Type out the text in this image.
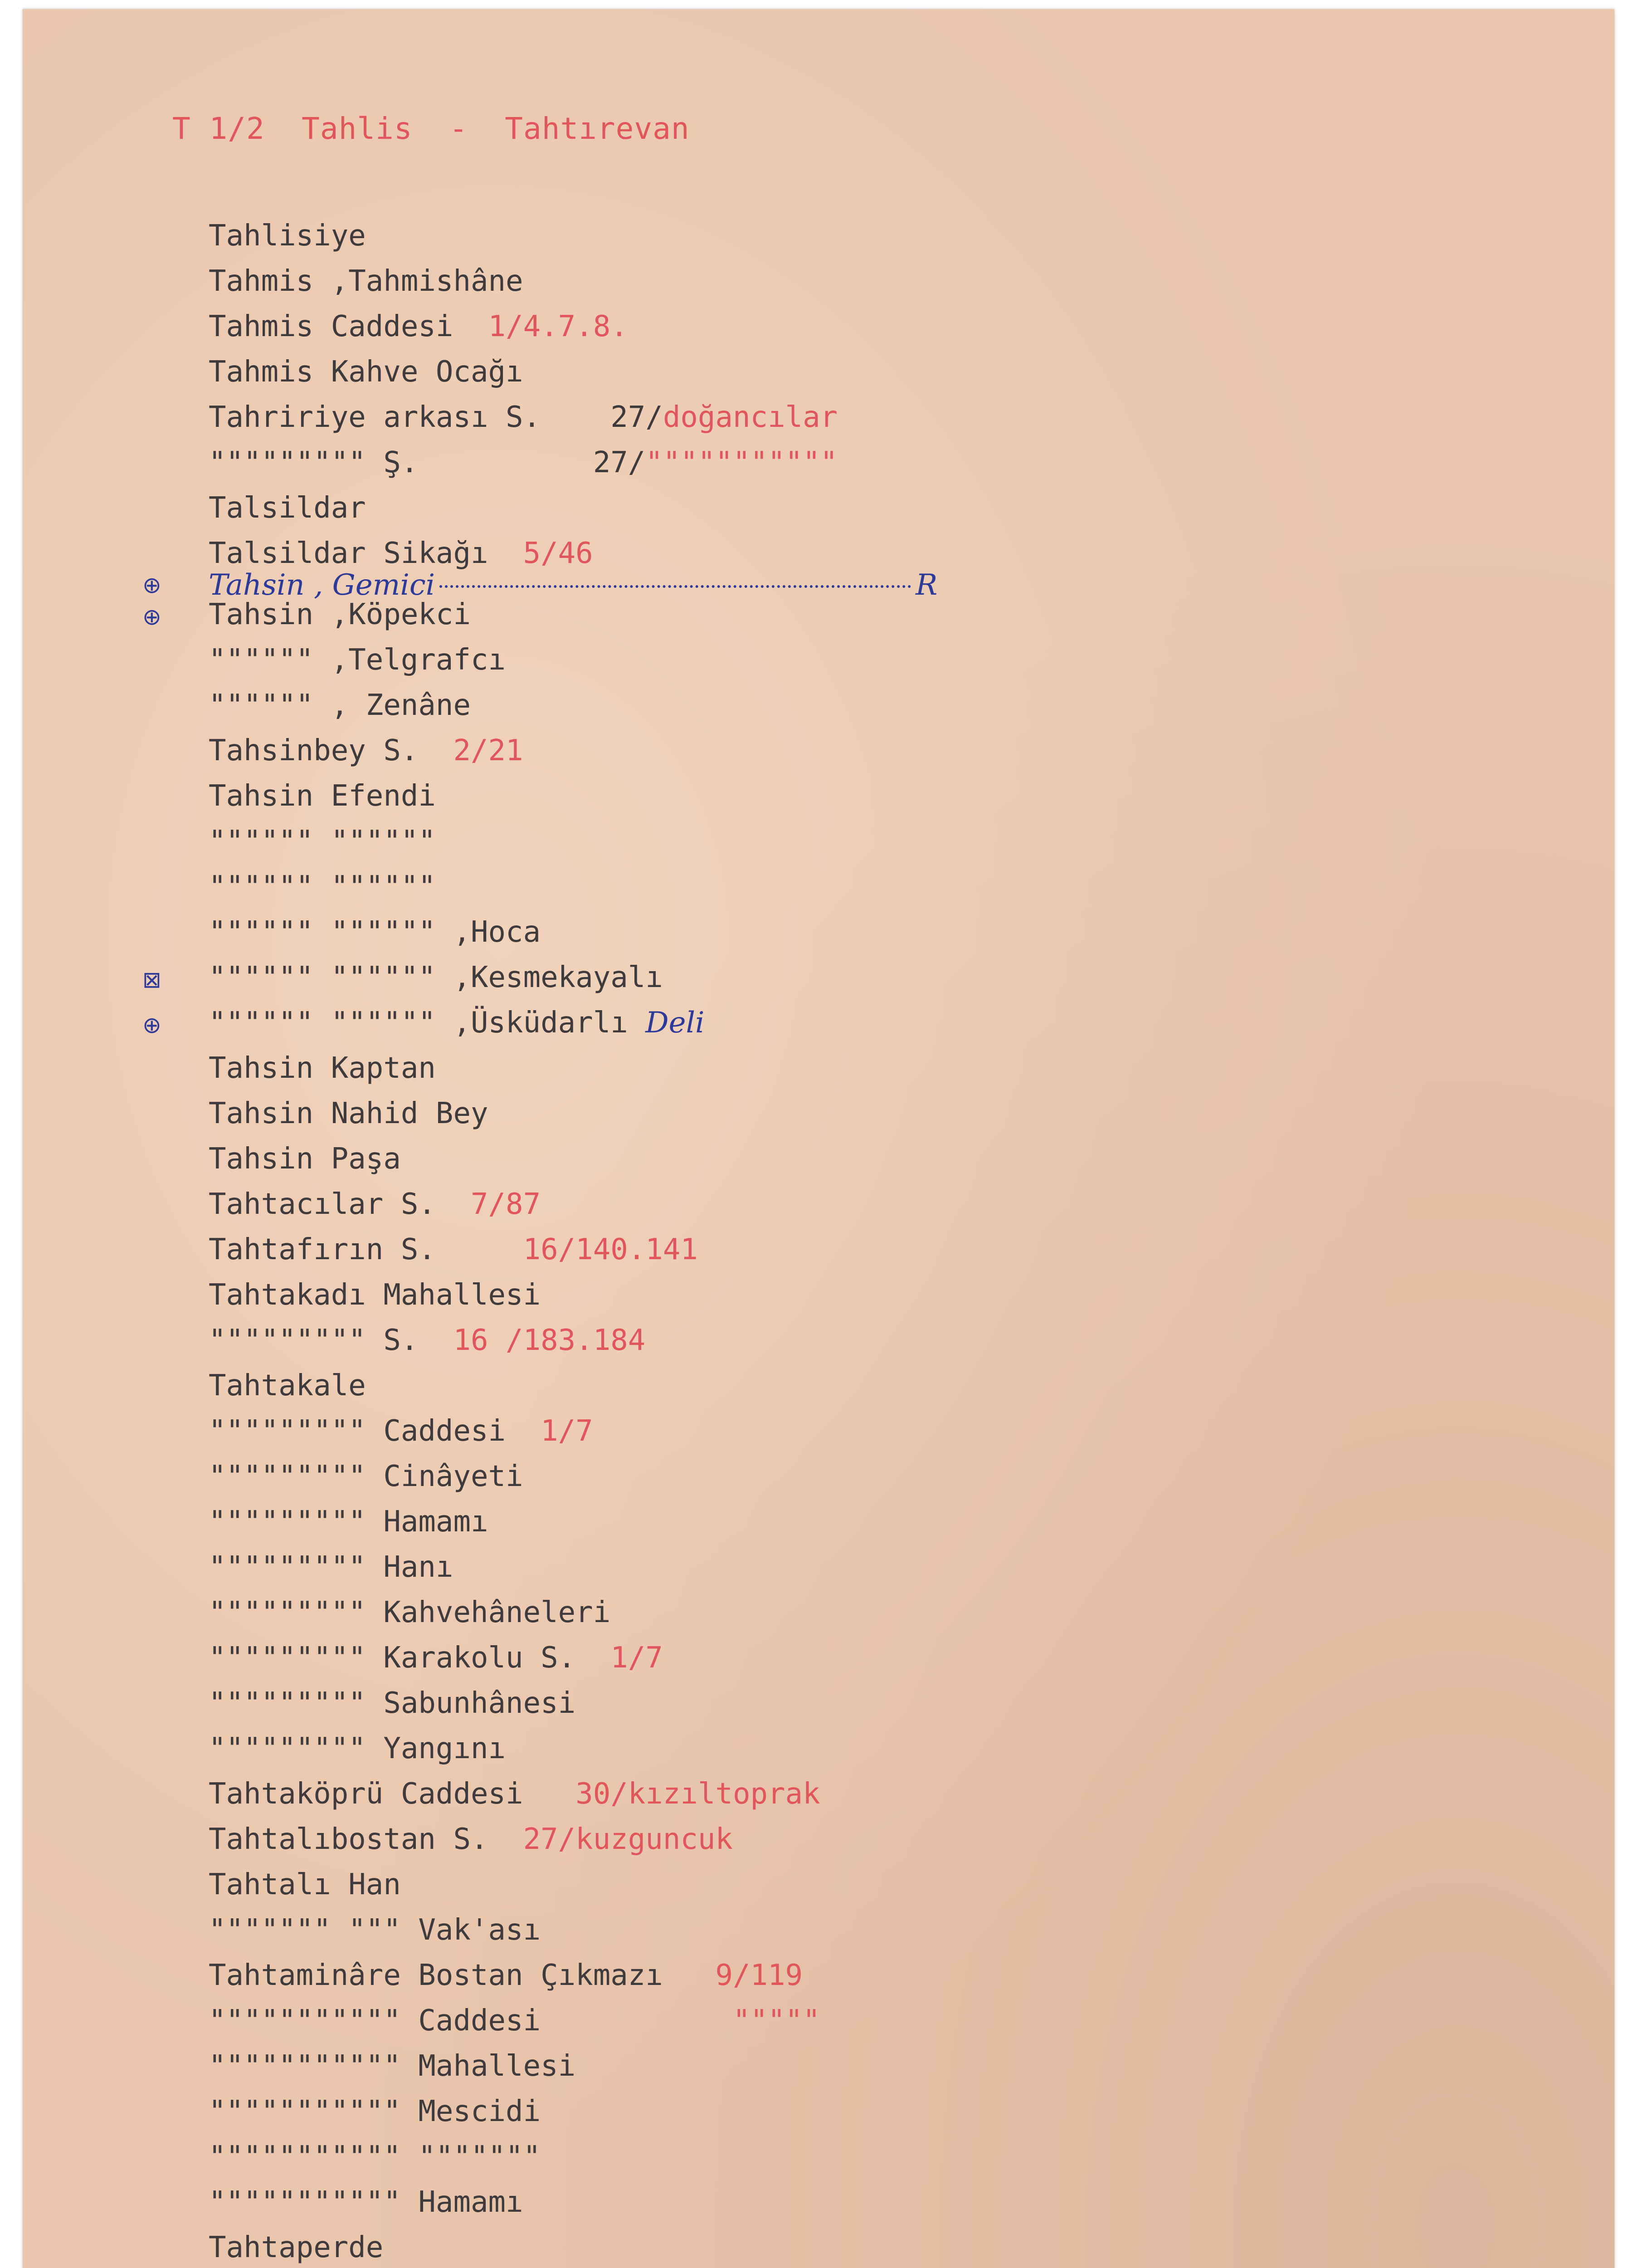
T 1/2  Tahlis  -  Tahtırevan
Tahlisiye
Tahmis ,Tahmishâne
Tahmis Caddesi  1/4.7.8.
Tahmis Kahve Ocağı
Tahririye arkası S.    27/doğancılar
""""""""" Ş.          27/"""""""""""
Talsildar
Talsildar Sikağı  5/46
Tahsin , Gemici	R
Tahsin ,Köpekci
"""""" ,Telgrafcı
"""""" , Zenâne
Tahsinbey S.  2/21
Tahsin Efendi
"""""" """"""
"""""" """"""
"""""" """""" ,Hoca
"""""" """""" ,Kesmekayalı
"""""" """""" ,Üsküdarlı Deli
Tahsin Kaptan
Tahsin Nahid Bey
Tahsin Paşa
Tahtacılar S.  7/87
Tahtafırın S.     16/140.141
Tahtakadı Mahallesi
""""""""" S.  16 /183.184
Tahtakale
""""""""" Caddesi  1/7
""""""""" Cinâyeti
""""""""" Hamamı
""""""""" Hanı
""""""""" Kahvehâneleri
""""""""" Karakolu S.  1/7
""""""""" Sabunhânesi
""""""""" Yangını
Tahtaköprü Caddesi   30/kızıltoprak
Tahtalıbostan S.  27/kuzguncuk
Tahtalı Han
""""""" """ Vak'ası
Tahtaminâre Bostan Çıkmazı   9/119
""""""""""" Caddesi           """""
""""""""""" Mahallesi
""""""""""" Mescidi
""""""""""" """""""
""""""""""" Hamamı
Tahtaperde
⊕
⊕
⊠
⊕
